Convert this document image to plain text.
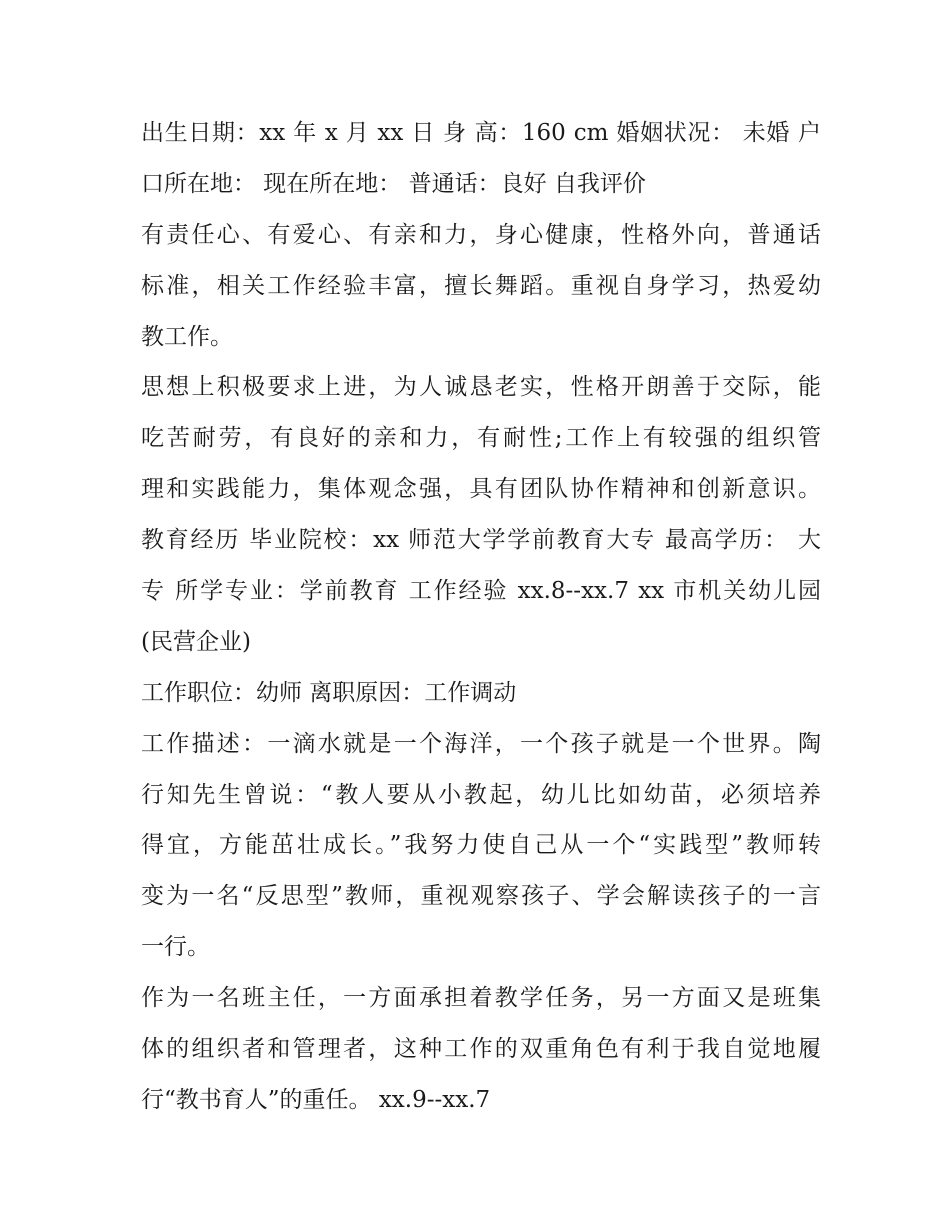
出生日期：xx 年 x 月 xx 日 身 高：160 cm 婚姻状况： 未婚 户
口所在地： 现在所在地： 普通话：良好 自我评价
有责任心、有爱心、有亲和力，身心健康，性格外向，普通话
标准，相关工作经验丰富，擅长舞蹈。重视自身学习，热爱幼
教工作。
思想上积极要求上进，为人诚恳老实，性格开朗善于交际，能
吃苦耐劳，有良好的亲和力，有耐性;工作上有较强的组织管
理和实践能力，集体观念强，具有团队协作精神和创新意识。
教育经历 毕业院校：xx 师范大学学前教育大专 最高学历： 大
专 所学专业：学前教育 工作经验 xx.8--xx.7 xx 市机关幼儿园
(民营企业)
工作职位：幼师 离职原因：工作调动
工作描述：一滴水就是一个海洋，一个孩子就是一个世界。陶
行知先生曾说：“教人要从小教起，幼儿比如幼苗，必须培养
得宜，方能茁壮成长。”我努力使自己从一个“实践型”教师转
变为一名“反思型”教师，重视观察孩子、学会解读孩子的一言
一行。
作为一名班主任，一方面承担着教学任务，另一方面又是班集
体的组织者和管理者，这种工作的双重角色有利于我自觉地履
行“教书育人”的重任。 xx.9--xx.7
